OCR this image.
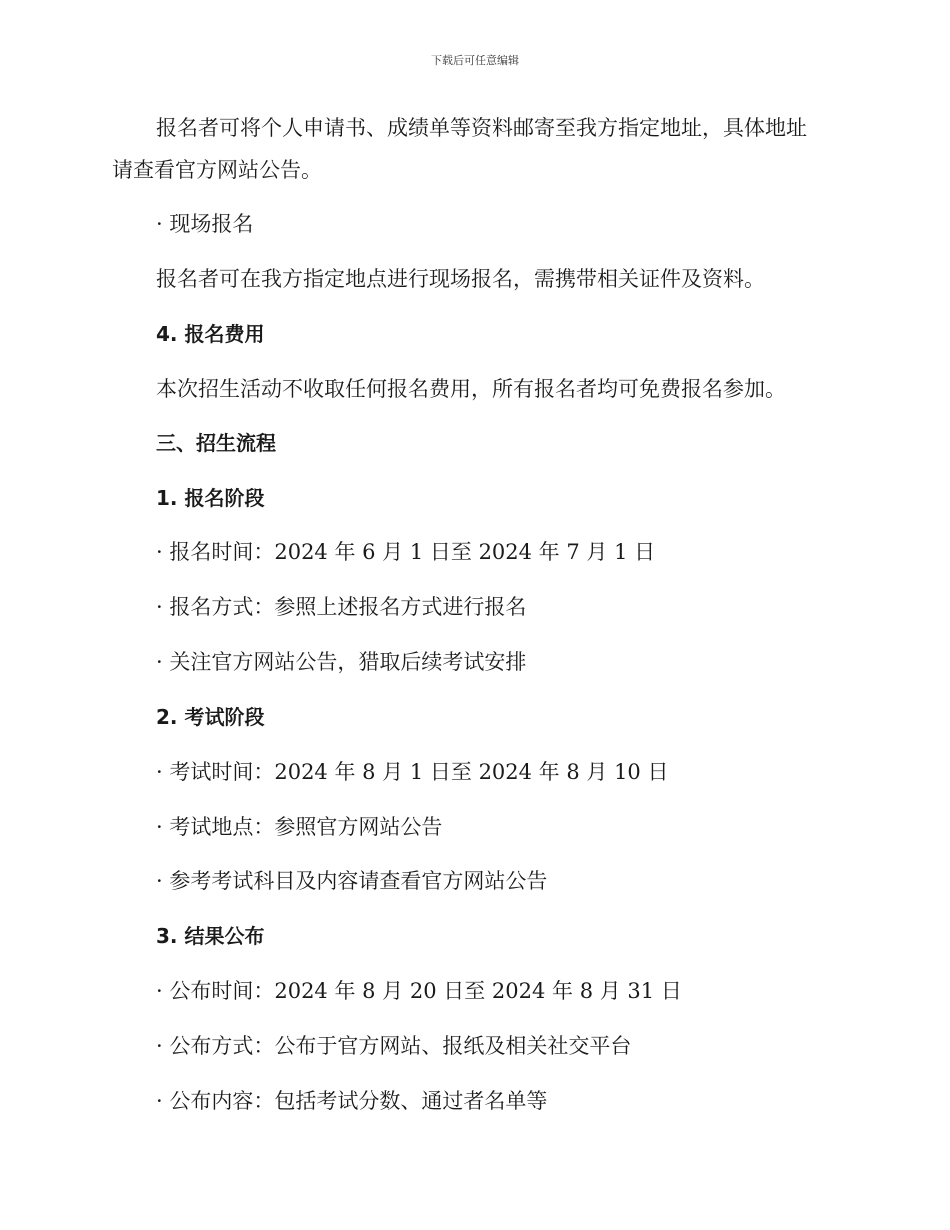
下载后可任意编辑

报名者可将个人申请书、成绩单等资料邮寄至我方指定地址，具体地址

请查看官方网站公告。

· 现场报名

报名者可在我方指定地点进行现场报名，需携带相关证件及资料。

4. 报名费用

本次招生活动不收取任何报名费用，所有报名者均可免费报名参加。

三、招生流程

1. 报名阶段

· 报名时间：2024 年 6 月 1 日至 2024 年 7 月 1 日

· 报名方式：参照上述报名方式进行报名

· 关注官方网站公告，猎取后续考试安排

2. 考试阶段

· 考试时间：2024 年 8 月 1 日至 2024 年 8 月 10 日

· 考试地点：参照官方网站公告

· 参考考试科目及内容请查看官方网站公告

3. 结果公布

· 公布时间：2024 年 8 月 20 日至 2024 年 8 月 31 日

· 公布方式：公布于官方网站、报纸及相关社交平台

· 公布内容：包括考试分数、通过者名单等
